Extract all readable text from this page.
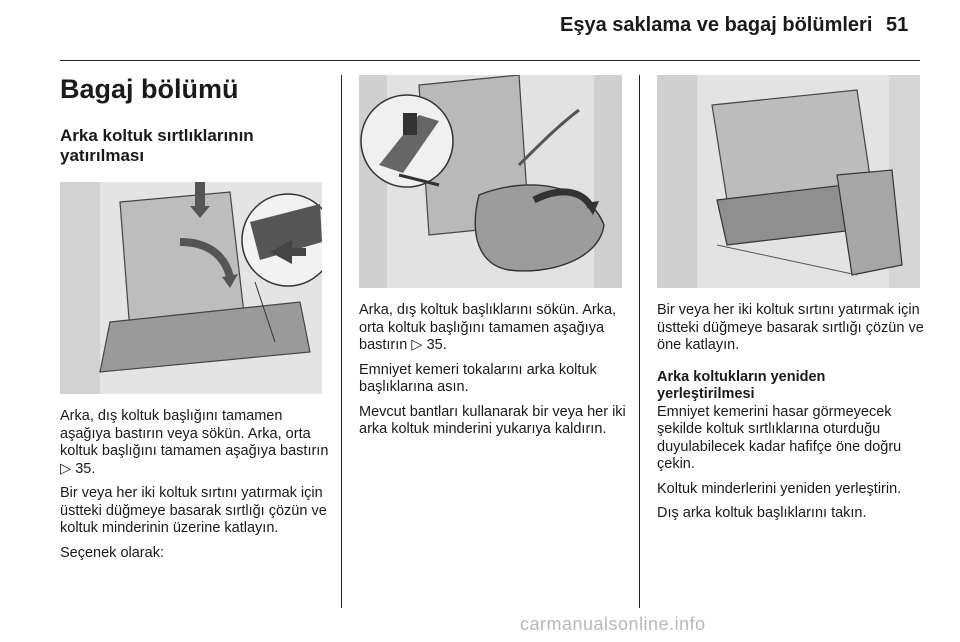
Eşya saklama ve bagaj bölümleri 51
Bagaj bölümü
Arka koltuk sırtlıklarının
yatırılması

Arka, dış koltuk başlığını tamamen aşağıya bastırın veya sökün. Arka, orta koltuk başlığını tamamen aşağıya bastırın ▷ 35.

Bir veya her iki koltuk sırtını yatırmak için üstteki düğmeye basarak sırtlığı çözün ve koltuk minderinin üzerine katlayın.

Seçenek olarak:

Arka, dış koltuk başlıklarını sökün. Arka, orta koltuk başlığını tamamen aşağıya bastırın ▷ 35.

Emniyet kemeri tokalarını arka koltuk başlıklarına asın.

Mevcut bantları kullanarak bir veya her iki arka koltuk minderini yukarıya kaldırın.

Bir veya her iki koltuk sırtını yatırmak için üstteki düğmeye basarak sırtlığı çözün ve öne katlayın.

Arka koltukların yeniden
yerleştirilmesi

Emniyet kemerini hasar görmeyecek şekilde koltuk sırtlıklarına oturduğu duyulabilecek kadar hafifçe öne doğru çekin.

Koltuk minderlerini yeniden yerleştirin.

Dış arka koltuk başlıklarını takın.

carmanualsonline.info
